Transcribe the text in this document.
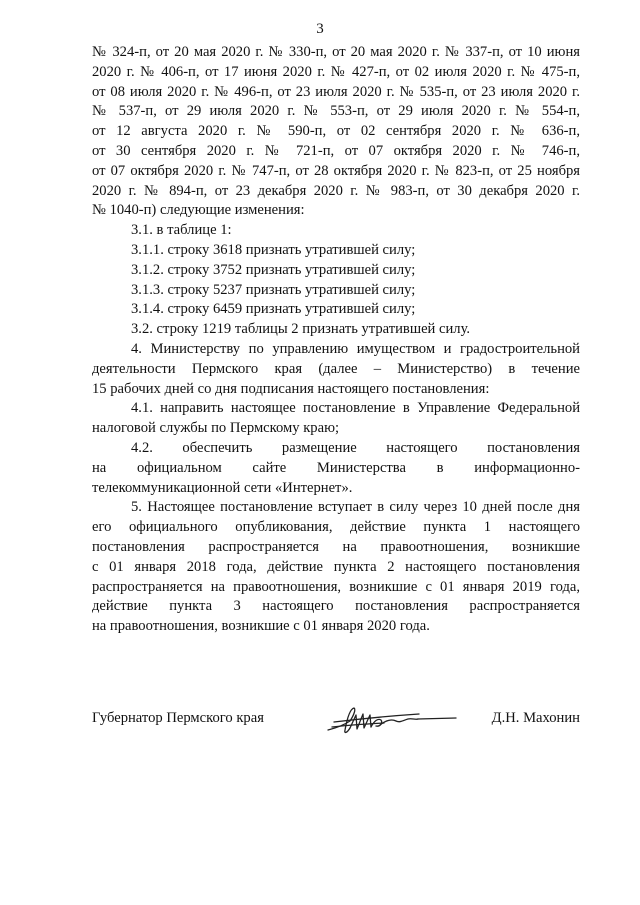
3
№ 324-п, от 20 мая 2020 г. № 330-п, от 20 мая 2020 г. № 337-п, от 10 июня
2020 г. № 406-п, от 17 июня 2020 г. № 427-п, от 02 июля 2020 г. № 475-п,
от 08 июля 2020 г. № 496-п, от 23 июля 2020 г. № 535-п, от 23 июля 2020 г.
№ 537-п, от 29 июля 2020 г. № 553-п, от 29 июля 2020 г. № 554-п,
от 12 августа 2020 г. № 590-п, от 02 сентября 2020 г. № 636-п,
от 30 сентября 2020 г. № 721-п, от 07 октября 2020 г. № 746-п,
от 07 октября 2020 г. № 747-п, от 28 октября 2020 г. № 823-п, от 25 ноября
2020 г. № 894-п, от 23 декабря 2020 г. № 983-п, от 30 декабря 2020 г.
№ 1040-п) следующие изменения:
3.1. в таблице 1:
3.1.1. строку 3618 признать утратившей силу;
3.1.2. строку 3752 признать утратившей силу;
3.1.3. строку 5237 признать утратившей силу;
3.1.4. строку 6459 признать утратившей силу;
3.2. строку 1219 таблицы 2 признать утратившей силу.
4. Министерству по управлению имуществом и градостроительной
деятельности Пермского края (далее – Министерство) в течение
15 рабочих дней со дня подписания настоящего постановления:
4.1. направить настоящее постановление в Управление Федеральной
налоговой службы по Пермскому краю;
4.2. обеспечить размещение настоящего постановления
на официальном сайте Министерства в информационно-
телекоммуникационной сети «Интернет».
5. Настоящее постановление вступает в силу через 10 дней после дня
его официального опубликования, действие пункта 1 настоящего
постановления распространяется на правоотношения, возникшие
с 01 января 2018 года, действие пункта 2 настоящего постановления
распространяется на правоотношения, возникшие с 01 января 2019 года,
действие пункта 3 настоящего постановления распространяется
на правоотношения, возникшие с 01 января 2020 года.
Губернатор Пермского края	Д.Н. Махонин
